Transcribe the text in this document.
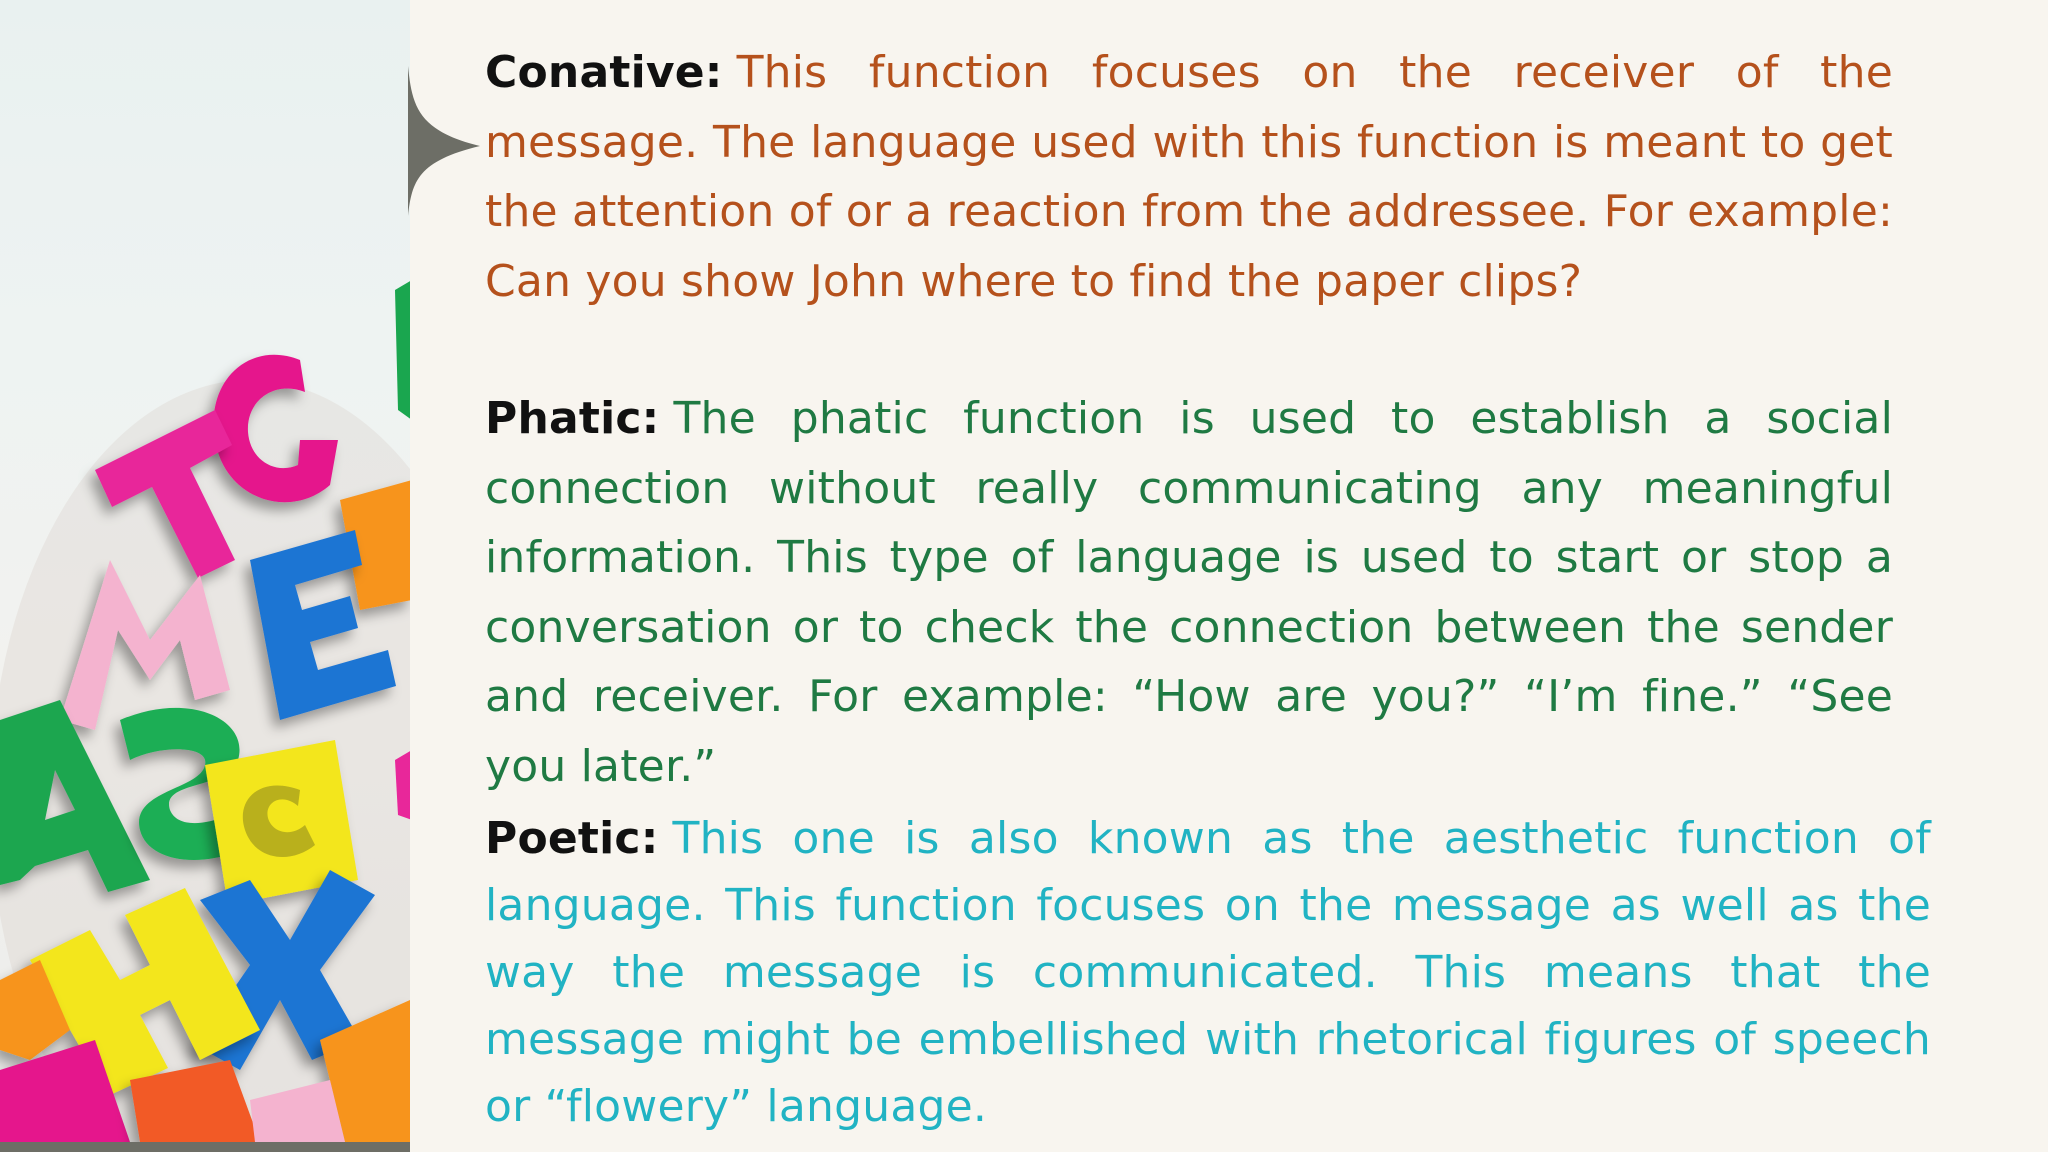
Conative: This function focuses on the receiver of the message. The language used with this function is meant to get the attention of or a reaction from the addressee. For example: Can you show John where to find the paper clips?

Phatic: The phatic function is used to establish a social connection without really communicating any meaningful information. This type of language is used to start or stop a conversation or to check the connection between the sender and receiver. For example: “How are you?” “I’m fine.” “See you later.”

Poetic: This one is also known as the aesthetic function of language. This function focuses on the message as well as the way the message is communicated. This means that the message might be embellished with rhetorical figures of speech or “flowery” language.
